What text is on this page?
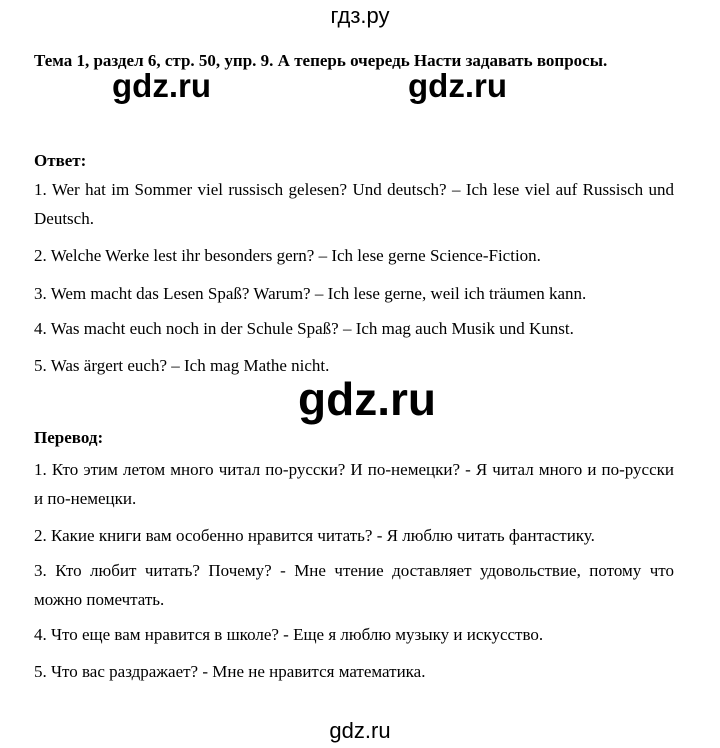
гдз.ру
Тема 1, раздел 6, стр. 50, упр. 9. А теперь очередь Насти задавать вопросы.
Ответ:
1. Wer hat im Sommer viel russisch gelesen? Und deutsch? – Ich lese viel auf Russisch und Deutsch.
2. Welche Werke lest ihr besonders gern? – Ich lese gerne Science-Fiction.
3. Wem macht das Lesen Spaß? Warum? – Ich lese gerne, weil ich träumen kann.
4. Was macht euch noch in der Schule Spaß? – Ich mag auch Musik und Kunst.
5. Was ärgert euch? – Ich mag Mathe nicht.
Перевод:
1. Кто этим летом много читал по-русски? И по-немецки? - Я читал много и по-русски и по-немецки.
2. Какие книги вам особенно нравится читать? - Я люблю читать фантастику.
3. Кто любит читать? Почему? - Мне чтение доставляет удовольствие, потому что можно помечтать.
4. Что еще вам нравится в школе? - Еще я люблю музыку и искусство.
5. Что вас раздражает? - Мне не нравится математика.
gdz.ru	gdz.ru
gdz.ru
gdz.ru
